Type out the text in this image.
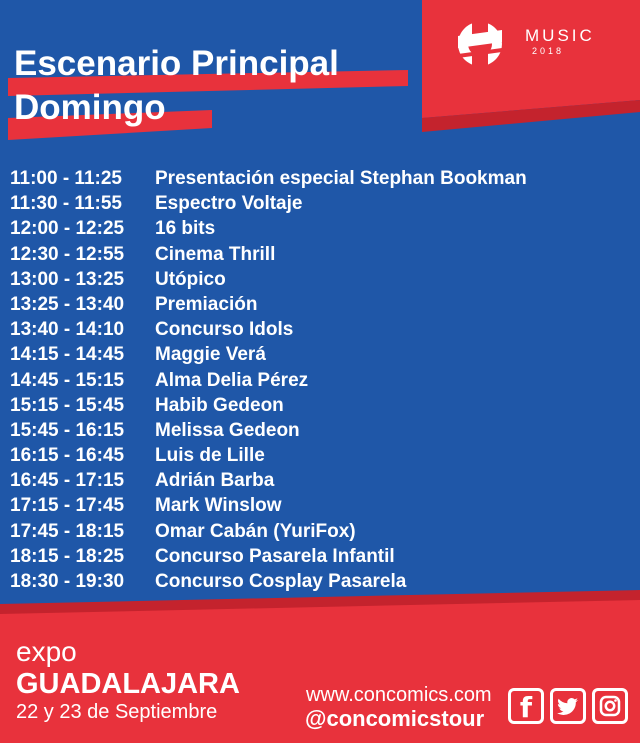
Escenario Principal
Domingo
MUSIC
2018
11:00 - 11:25 Presentación especial Stephan Bookman
11:30 - 11:55 Espectro Voltaje
12:00 - 12:25 16 bits
12:30 - 12:55 Cinema Thrill
13:00 - 13:25 Utópico
13:25 - 13:40 Premiación
13:40 - 14:10 Concurso Idols
14:15 - 14:45 Maggie Verá
14:45 - 15:15 Alma Delia Pérez
15:15 - 15:45 Habib Gedeon
15:45 - 16:15 Melissa Gedeon
16:15 - 16:45 Luis de Lille
16:45 - 17:15 Adrián Barba
17:15 - 17:45 Mark Winslow
17:45 - 18:15 Omar Cabán (YuriFox)
18:15 - 18:25 Concurso Pasarela Infantil
18:30 - 19:30 Concurso Cosplay Pasarela
expo
GUADALAJARA
22 y 23 de Septiembre
www.concomics.com
@concomicstour	f
